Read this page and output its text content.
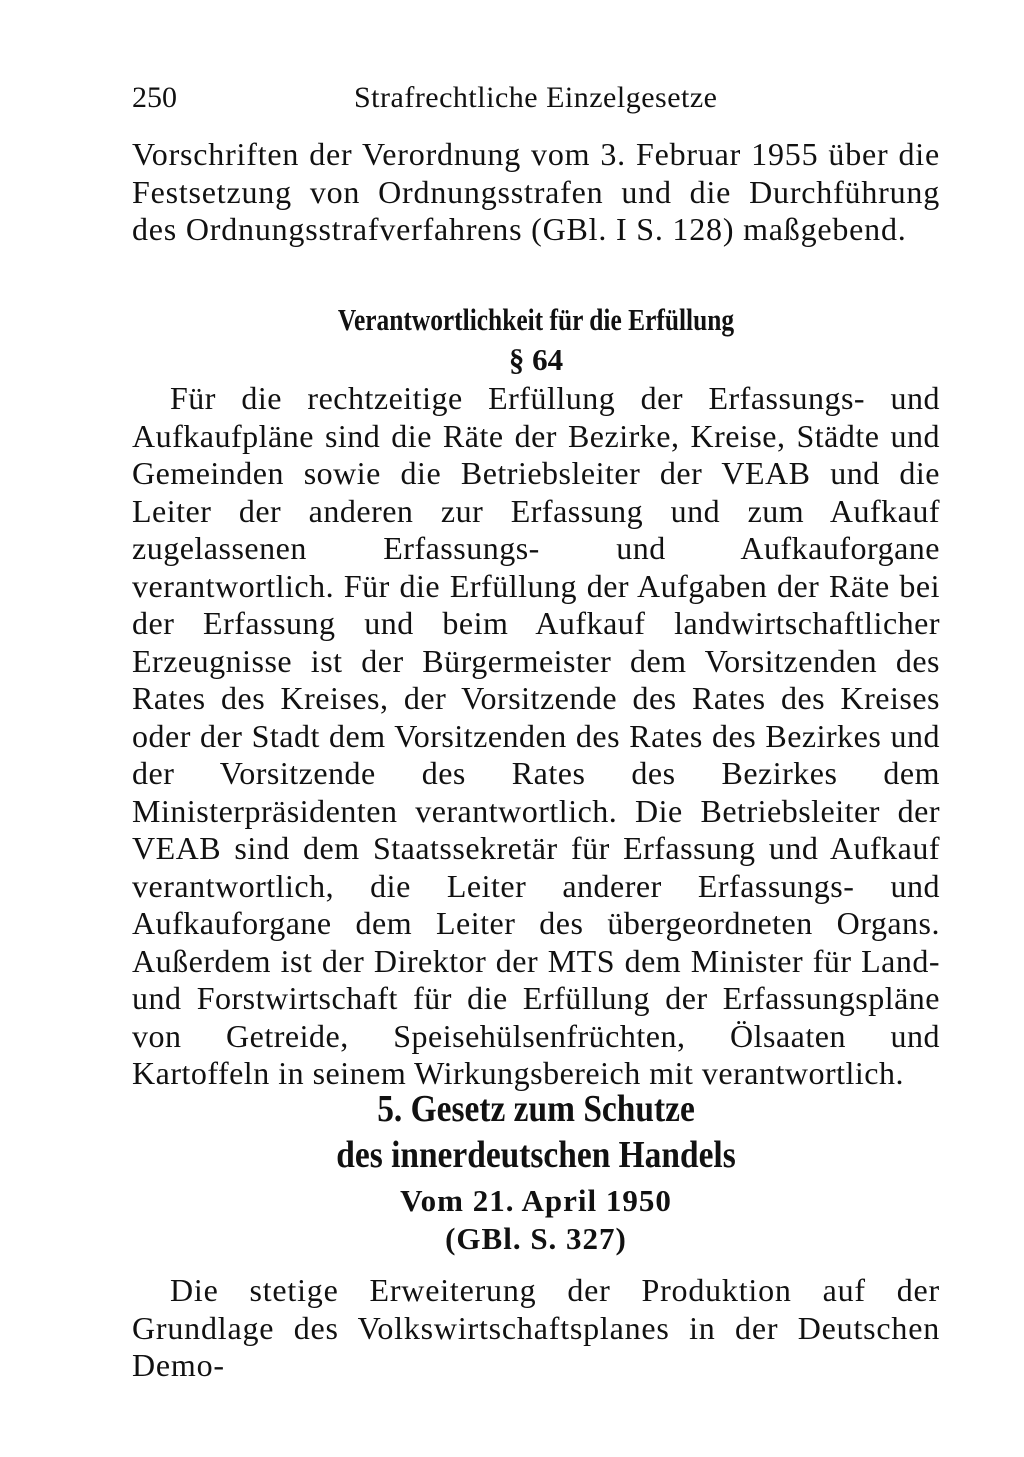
250	Strafrechtliche Einzelgesetze
Vorschriften der Verordnung vom 3. Februar 1955 über die Festsetzung von Ordnungsstrafen und die Durchführung des Ordnungsstrafverfahrens (GBl. I S. 128) maßgebend.
Verantwortlichkeit für die Erfüllung
§ 64
Für die rechtzeitige Erfüllung der Erfassungs- und Aufkaufpläne sind die Räte der Bezirke, Kreise, Städte und Gemeinden sowie die Betriebsleiter der VEAB und die Leiter der anderen zur Erfassung und zum Aufkauf zugelassenen Erfassungs- und Aufkauforgane verantwortlich. Für die Erfüllung der Aufgaben der Räte bei der Erfassung und beim Aufkauf landwirtschaftlicher Erzeugnisse ist der Bürgermeister dem Vorsitzenden des Rates des Kreises, der Vorsitzende des Rates des Kreises oder der Stadt dem Vorsitzenden des Rates des Bezirkes und der Vorsitzende des Rates des Bezirkes dem Ministerpräsidenten verantwortlich. Die Betriebsleiter der VEAB sind dem Staatssekretär für Erfassung und Aufkauf verantwortlich, die Leiter anderer Erfassungs- und Aufkauforgane dem Leiter des übergeordneten Organs. Außerdem ist der Direktor der MTS dem Minister für Land- und Forstwirtschaft für die Erfüllung der Erfassungspläne von Getreide, Speisehülsenfrüchten, Ölsaaten und Kartoffeln in seinem Wirkungsbereich mit verantwortlich.
5. Gesetz zum Schutze
des innerdeutschen Handels
Vom 21. April 1950
(GBl. S. 327)
Die stetige Erweiterung der Produktion auf der Grundlage des Volkswirtschaftsplanes in der Deutschen Demo-
